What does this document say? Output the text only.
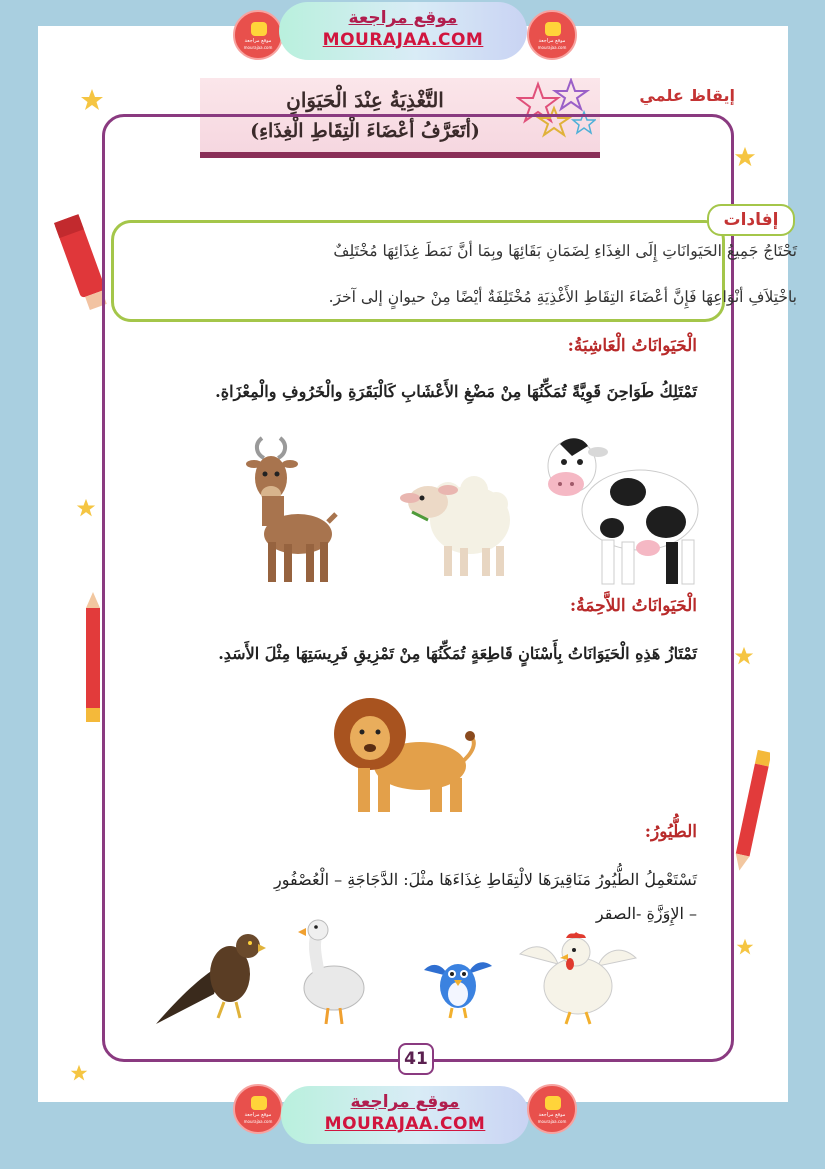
موقع مراجعة
mourajaa.com
موقع مراجعة
MOURAJAA.COM	موقع مراجعة
mourajaa.com
إيقاظ علمي
التَّغْذِيَةُ عِنْدَ الْحَيَوَانِ
(أتَعَرَّفُ أعْضَاءَ الْتِقَاطِ الْغِذَاءِ)
إفادات
تَحْتَاجُ جَمِيعُ الحَيَوانَاتِ إِلَى الغِذَاءِ لِضَمَانِ بَقَائِهَا وبِمَا أنَّ نَمَطَ غِذَائِهَا مُخْتَلِفٌ
باخْتِلاَفِ أنْوَاعِهَا فَإِنَّ أعْضَاءَ التِقَاطِ الأَغْذِيَةِ مُخْتَلِفَةٌ أيْضًا مِنْ حيوانٍ إلى آخرَ.
الْحَيَوانَاتُ الْعَاشِبَةُ:
تَمْتَلِكُ طَوَاحِنَ قَوِيَّةً تُمَكِّنُهَا مِنْ مَضْغِ الأَعْشَابِ كَالْبَقَرَةِ والْخَرُوفِ والْمِعْزَاةِ.
الْحَيَوانَاتُ اللاَّحِمَةُ:
تَمْتَازُ هَذِهِ الْحَيَوَانَاتُ بِأَسْنَانٍ قَاطِعَةٍ تُمَكِّنُهَا مِنْ تَمْزِيقِ فَرِيسَتِهَا مِثْلَ الأَسَدِ.
الطُّيُورُ:
تَسْتَعْمِلُ الطُّيُورُ مَنَاقِيرَهَا لالْتِقَاطِ غِذَاءَهَا مثْلَ: الدَّجَاجَةِ – الْعُصْفُورِ
– الإِوَزَّةِ -الصقر
41
موقع مراجعة
mourajaa.com
موقع مراجعة
MOURAJAA.COM	موقع مراجعة
mourajaa.com
